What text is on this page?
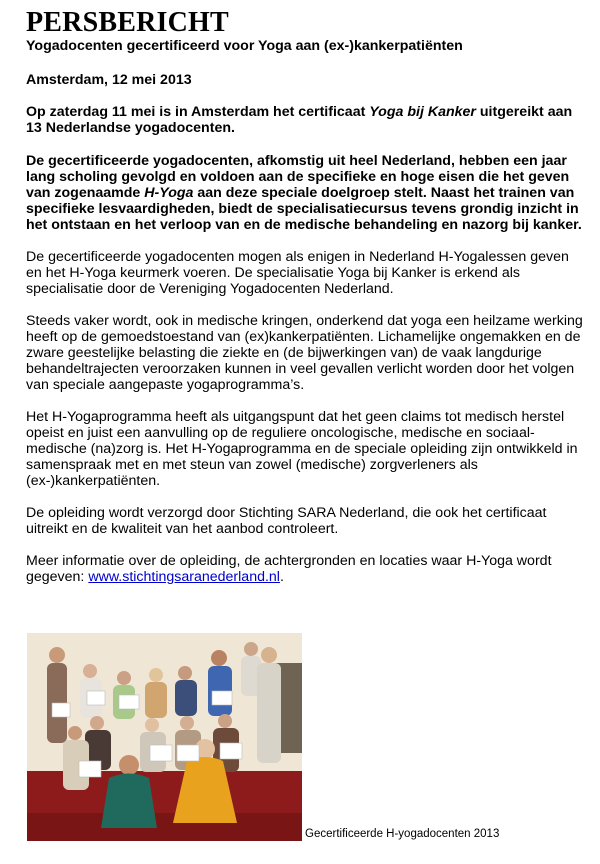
PERSBERICHT

Yogadocenten gecertificeerd voor Yoga aan (ex-)kankerpatiënten

Amsterdam, 12 mei 2013

Op zaterdag 11 mei is in Amsterdam het certificaat Yoga bij Kanker uitgereikt aan 13 Nederlandse yogadocenten.

De gecertificeerde yogadocenten, afkomstig uit heel Nederland, hebben een jaar lang scholing gevolgd en voldoen aan de specifieke en hoge eisen die het geven van zogenaamde H-Yoga aan deze speciale doelgroep stelt. Naast het trainen van specifieke lesvaardigheden, biedt de specialisatiecursus tevens grondig inzicht in het ontstaan en het verloop van en de medische behandeling en nazorg bij kanker.

De gecertificeerde yogadocenten mogen als enigen in Nederland H-Yogalessen geven en het H-Yoga keurmerk voeren. De specialisatie Yoga bij Kanker is erkend als specialisatie door de Vereniging Yogadocenten Nederland.

Steeds vaker wordt, ook in medische kringen, onderkend dat yoga een heilzame werking heeft op de gemoedstoestand van (ex)kankerpatiënten. Lichamelijke ongemakken en de zware geestelijke belasting die ziekte en (de bijwerkingen van) de vaak langdurige behandeltrajecten veroorzaken kunnen in veel gevallen verlicht worden door het volgen van speciale aangepaste yogaprogramma’s.

Het H-Yogaprogramma heeft als uitgangspunt dat het geen claims tot medisch herstel opeist en juist een aanvulling op de reguliere oncologische, medische en sociaal-medische (na)zorg is. Het H-Yogaprogramma en de speciale opleiding zijn ontwikkeld in samenspraak met en met steun van zowel (medische) zorgverleners als (ex-)kankerpatiënten.

De opleiding wordt verzorgd door Stichting SARA Nederland, die ook het certificaat uitreikt en de kwaliteit van het aanbod controleert.

Meer informatie over de opleiding, de achtergronden en locaties waar H-Yoga wordt gegeven: www.stichtingsaranederland.nl.

Gecertificeerde H-yogadocenten 2013
